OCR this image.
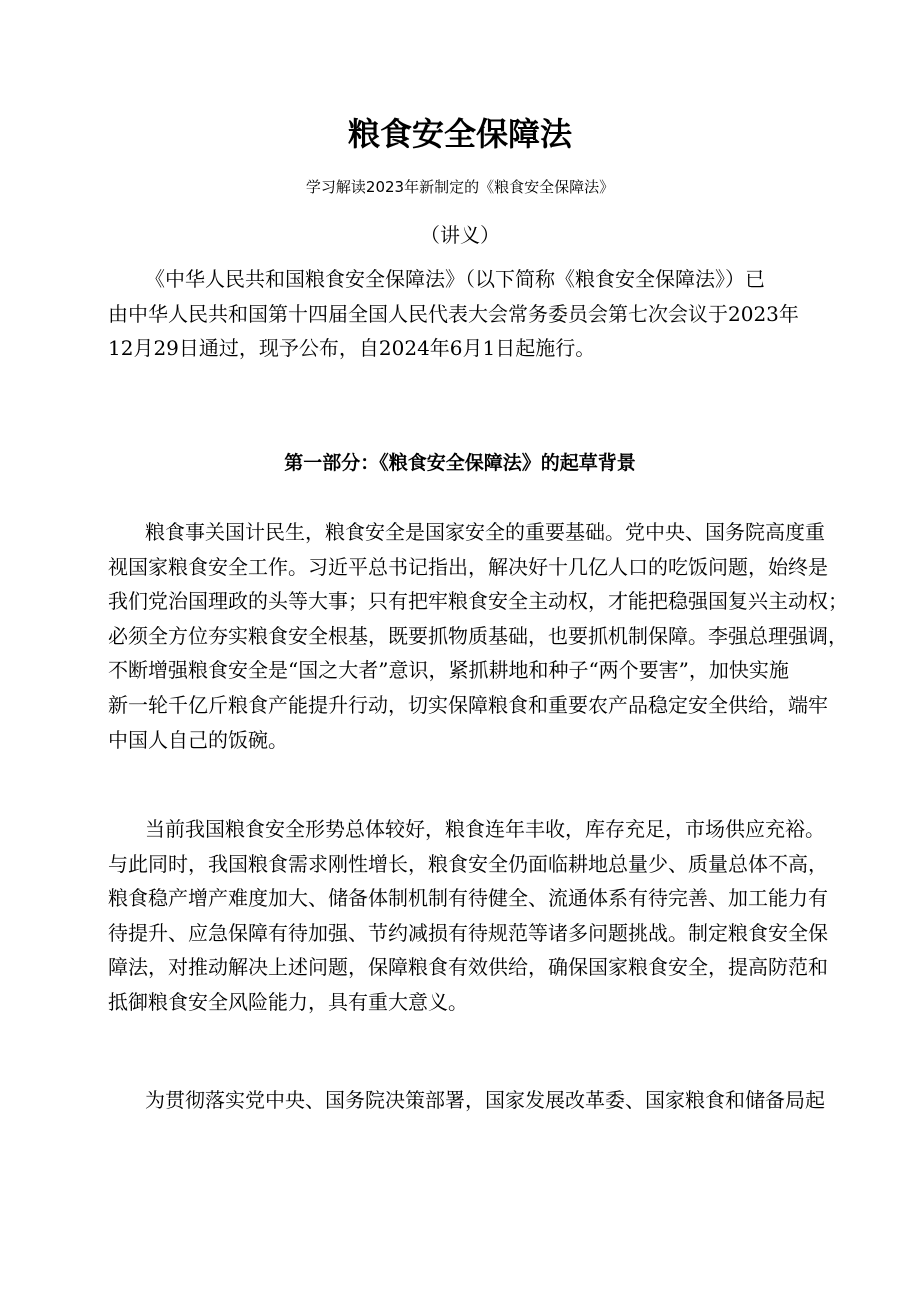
粮食安全保障法
学习解读2023年新制定的《粮食安全保障法》
（讲义）
《中华人民共和国粮食安全保障法》（以下简称《粮食安全保障法》）已
由中华人民共和国第十四届全国人民代表大会常务委员会第七次会议于2023年
12月29日通过，现予公布，自2024年6月1日起施行。
第一部分：《粮食安全保障法》的起草背景
粮食事关国计民生，粮食安全是国家安全的重要基础。党中央、国务院高度重
视国家粮食安全工作。习近平总书记指出，解决好十几亿人口的吃饭问题，始终是
我们党治国理政的头等大事；只有把牢粮食安全主动权，才能把稳强国复兴主动权；
必须全方位夯实粮食安全根基，既要抓物质基础，也要抓机制保障。李强总理强调，
不断增强粮食安全是“国之大者”意识，紧抓耕地和种子“两个要害”，加快实施
新一轮千亿斤粮食产能提升行动，切实保障粮食和重要农产品稳定安全供给，端牢
中国人自己的饭碗。
当前我国粮食安全形势总体较好，粮食连年丰收，库存充足，市场供应充裕。
与此同时，我国粮食需求刚性增长，粮食安全仍面临耕地总量少、质量总体不高，
粮食稳产增产难度加大、储备体制机制有待健全、流通体系有待完善、加工能力有
待提升、应急保障有待加强、节约减损有待规范等诸多问题挑战。制定粮食安全保
障法，对推动解决上述问题，保障粮食有效供给，确保国家粮食安全，提高防范和
抵御粮食安全风险能力，具有重大意义。
为贯彻落实党中央、国务院决策部署，国家发展改革委、国家粮食和储备局起
